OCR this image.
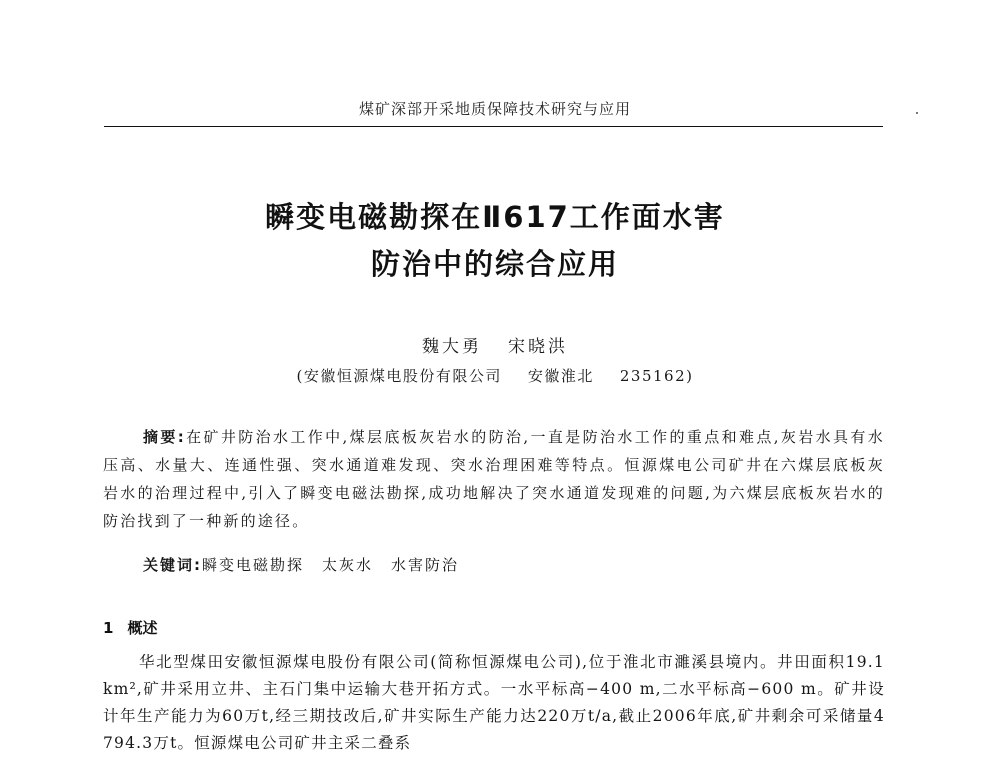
煤矿深部开采地质保障技术研究与应用
瞬变电磁勘探在Ⅱ617工作面水害
防治中的综合应用
魏大勇 宋晓洪
(安徽恒源煤电股份有限公司 安徽淮北 235162)

摘要:在矿井防治水工作中,煤层底板灰岩水的防治,一直是防治水工作的重点和难点,灰岩水具有水压高、水量大、连通性强、突水通道难发现、突水治理困难等特点。恒源煤电公司矿井在六煤层底板灰岩水的治理过程中,引入了瞬变电磁法勘探,成功地解决了突水通道发现难的问题,为六煤层底板灰岩水的防治找到了一种新的途径。

关键词:瞬变电磁勘探 太灰水 水害防治
1 概述

华北型煤田安徽恒源煤电股份有限公司(简称恒源煤电公司),位于淮北市濉溪县境内。井田面积19.1 km²,矿井采用立井、主石门集中运输大巷开拓方式。一水平标高−400 m,二水平标高−600 m。矿井设计年生产能力为60万t,经三期技改后,矿井实际生产能力达220万t/a,截止2006年底,矿井剩余可采储量4 794.3万t。恒源煤电公司矿井主采二叠系
